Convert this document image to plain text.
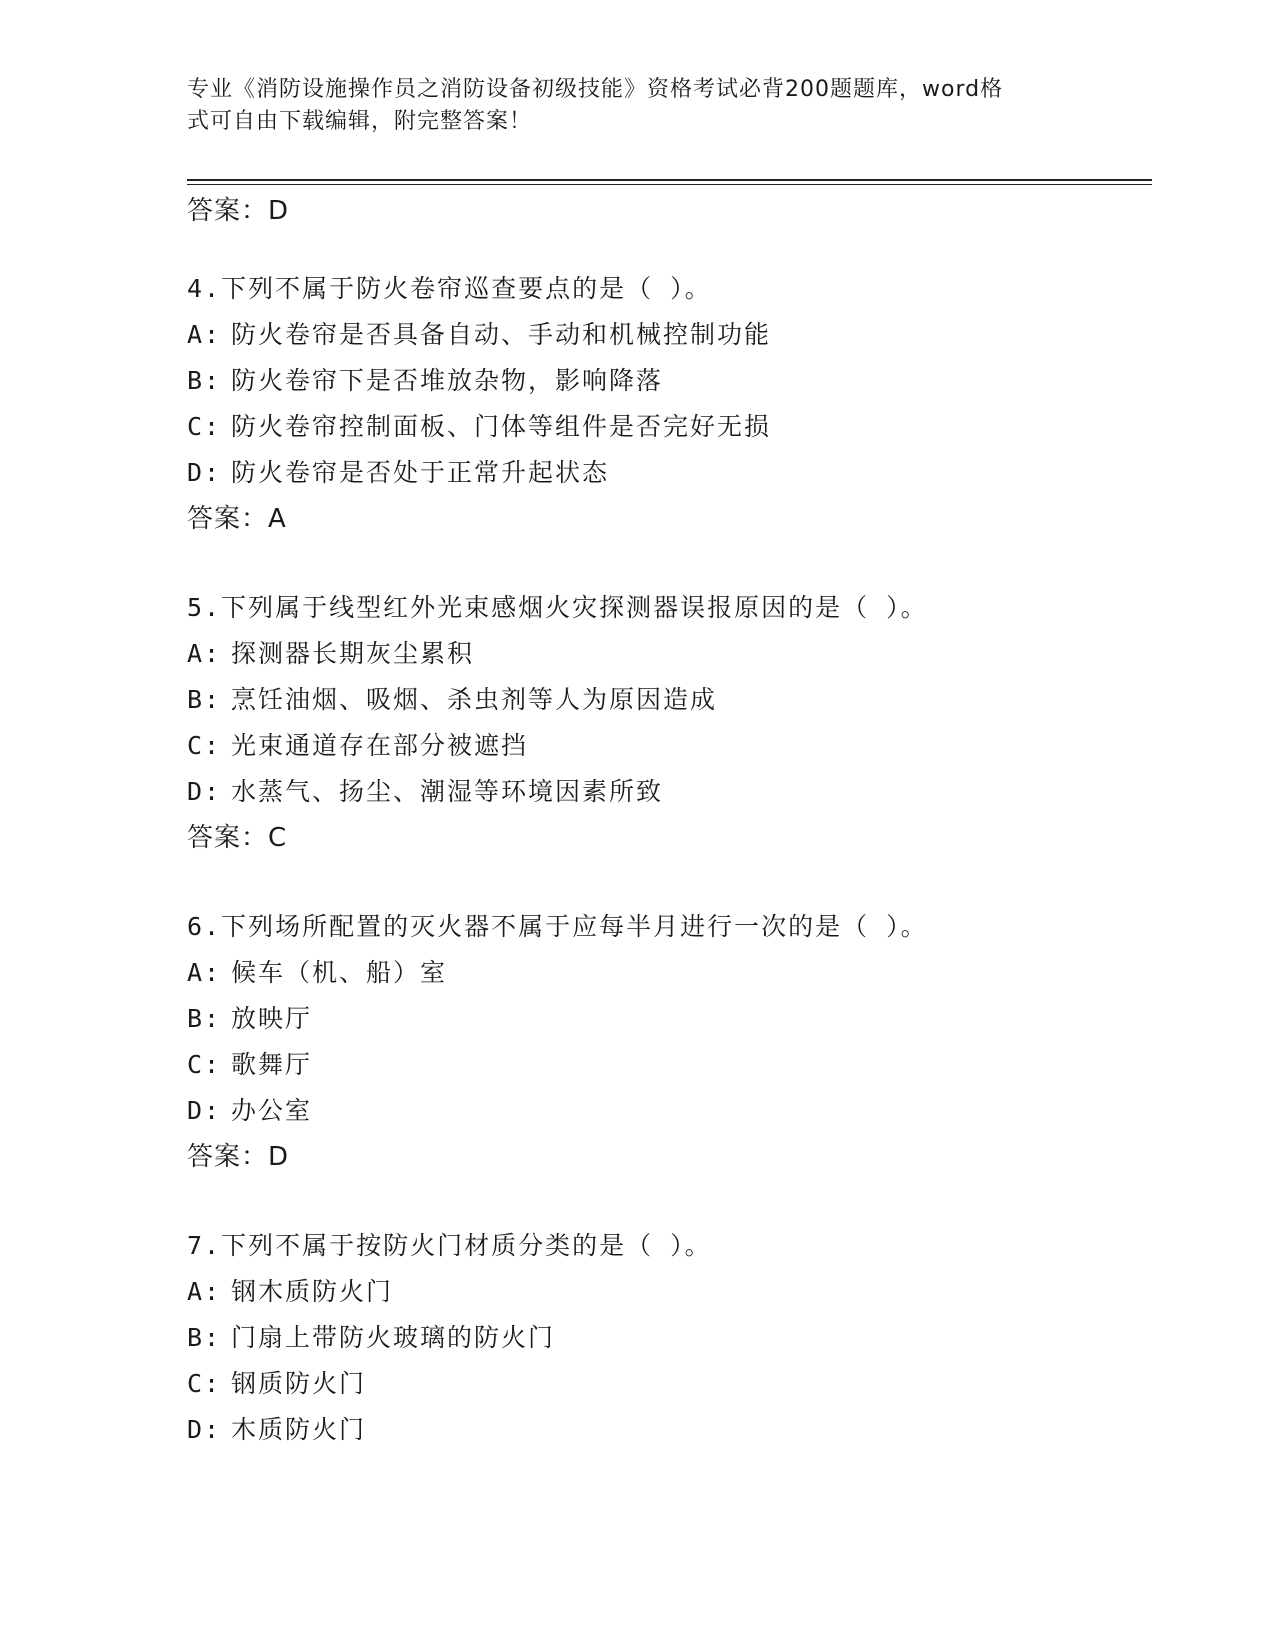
专业《消防设施操作员之消防设备初级技能》资格考试必背200题题库，word格
式可自由下载编辑，附完整答案！
答案：D
4.下列不属于防火卷帘巡查要点的是（ ）。
A: 防火卷帘是否具备自动、手动和机械控制功能
B: 防火卷帘下是否堆放杂物，影响降落
C: 防火卷帘控制面板、门体等组件是否完好无损
D: 防火卷帘是否处于正常升起状态
答案：A
5.下列属于线型红外光束感烟火灾探测器误报原因的是（ ）。
A: 探测器长期灰尘累积
B: 烹饪油烟、吸烟、杀虫剂等人为原因造成
C: 光束通道存在部分被遮挡
D: 水蒸气、扬尘、潮湿等环境因素所致
答案：C
6.下列场所配置的灭火器不属于应每半月进行一次的是（ ）。
A: 候车（机、船）室
B: 放映厅
C: 歌舞厅
D: 办公室
答案：D
7.下列不属于按防火门材质分类的是（ ）。
A: 钢木质防火门
B: 门扇上带防火玻璃的防火门
C: 钢质防火门
D: 木质防火门
